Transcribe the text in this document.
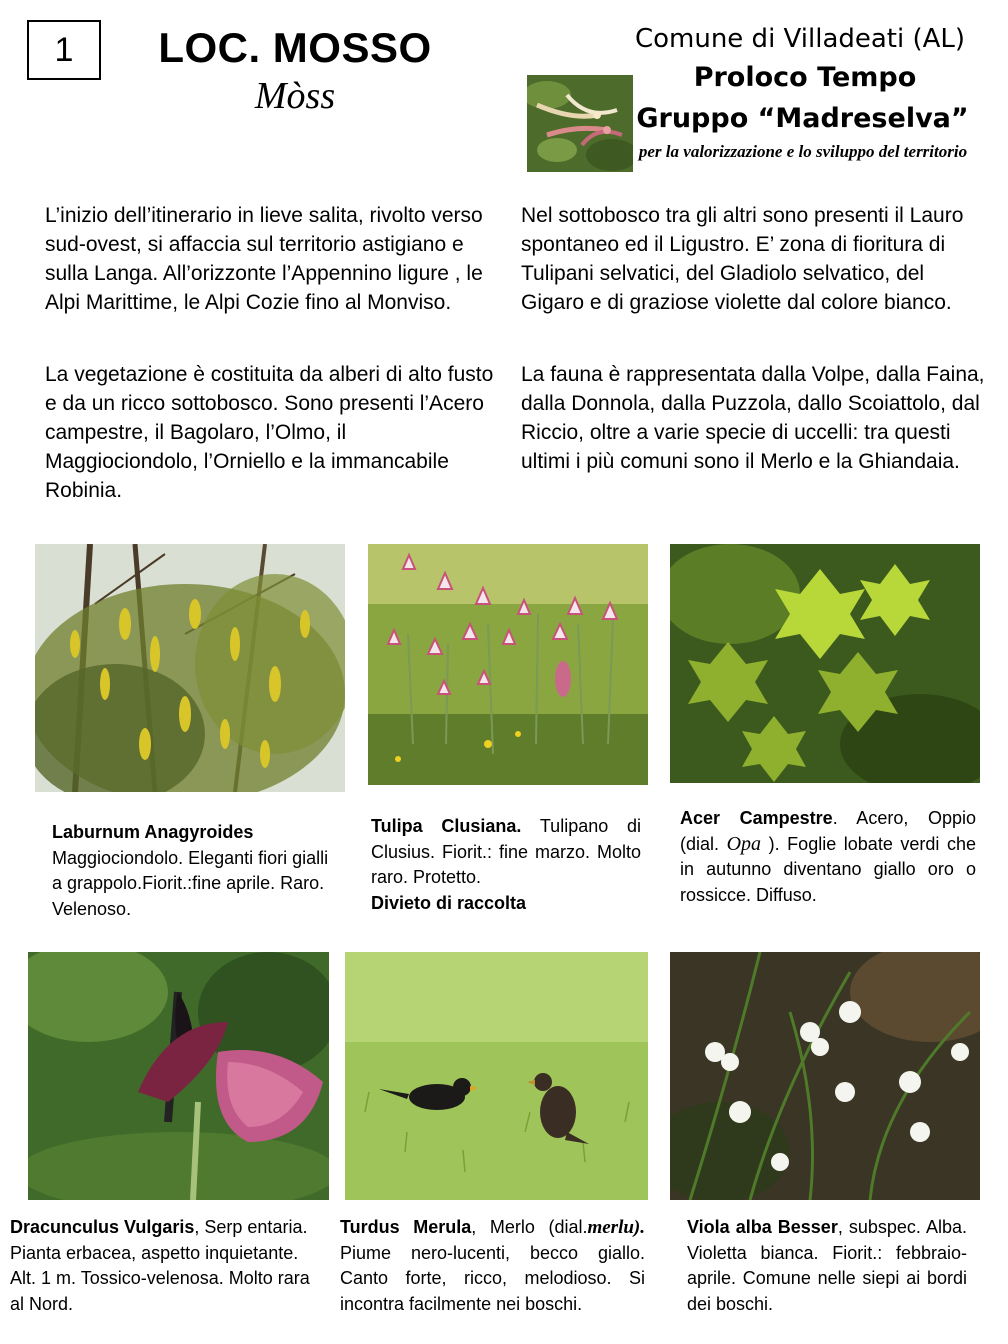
1	LOC. MOSSO
Mòss
Comune di Villadeati (AL)
Proloco Tempo
Gruppo “Madreselva”
per la valorizzazione e lo sviluppo del territorio
L’inizio dell’itinerario in lieve salita, rivolto verso sud-ovest, si affaccia sul territorio astigiano e sulla Langa. All’orizzonte l’Appennino ligure , le Alpi Marittime, le Alpi Cozie fino al Monviso.
La vegetazione è costituita da alberi di alto fusto e da un ricco sottobosco. Sono presenti l’Acero campestre, il Bagolaro, l’Olmo, il Maggiociondolo, l’Orniello e la immancabile Robinia.
Nel sottobosco tra gli altri sono presenti il Lauro spontaneo ed il Ligustro. E’ zona di fioritura di Tulipani selvatici, del Gladiolo selvatico, del Gigaro e di graziose violette dal colore bianco.
La fauna è rappresentata dalla Volpe, dalla Faina, dalla Donnola, dalla Puzzola, dallo Scoiattolo, dal Riccio, oltre a varie specie di uccelli: tra questi ultimi i più comuni sono il Merlo e la Ghiandaia.
Laburnum Anagyroides
Maggiociondolo. Eleganti fiori gialli a grappolo.Fiorit.:fine aprile. Raro. Velenoso.
Tulipa Clusiana. Tulipano di Clusius. Fiorit.: fine marzo. Molto raro. Protetto.
Divieto di raccolta
Acer Campestre. Acero, Oppio (dial. Opa ). Foglie lobate verdi che in autunno diventano giallo oro o rossicce. Diffuso.
Dracunculus Vulgaris, Serp entaria. Pianta erbacea, aspetto inquietante. Alt. 1 m. Tossico-velenosa. Molto rara al Nord.
Turdus Merula, Merlo (dial.merlu). Piume nero-lucenti, becco giallo. Canto forte, ricco, melodioso. Si incontra facilmente nei boschi.
Viola alba Besser, subspec. Alba. Violetta bianca. Fiorit.: febbraio-aprile. Comune nelle siepi ai bordi dei boschi.
